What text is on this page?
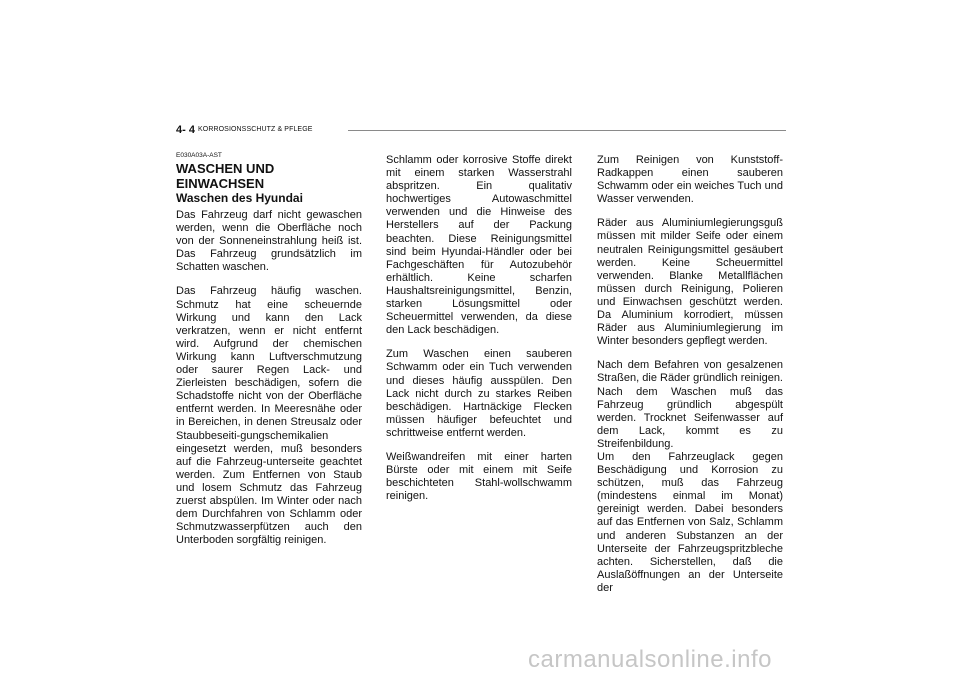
4- 4 KORROSIONSSCHUTZ & PFLEGE
E030A03A-AST
WASCHEN UND EINWACHSEN
Waschen des Hyundai

Das Fahrzeug darf nicht gewaschen werden, wenn die Oberfläche noch von der Sonneneinstrahlung heiß ist. Das Fahrzeug grundsätzlich im Schatten waschen.

Das Fahrzeug häufig waschen. Schmutz hat eine scheuernde Wirkung und kann den Lack verkratzen, wenn er nicht entfernt wird. Aufgrund der chemischen Wirkung kann Luftverschmutzung oder saurer Regen Lack- und Zierleisten beschädigen, sofern die Schadstoffe nicht von der Oberfläche entfernt werden. In Meeresnähe oder in Bereichen, in denen Streusalz oder Staubbeseiti-gungschemikalien eingesetzt werden, muß besonders auf die Fahrzeug-unterseite geachtet werden. Zum Entfernen von Staub und losem Schmutz das Fahrzeug zuerst abspülen. Im Winter oder nach dem Durchfahren von Schlamm oder Schmutzwasserpfützen auch den Unterboden sorgfältig reinigen.

Schlamm oder korrosive Stoffe direkt mit einem starken Wasserstrahl abspritzen. Ein qualitativ hochwertiges Autowaschmittel verwenden und die Hinweise des Herstellers auf der Packung beachten. Diese Reinigungsmittel sind beim Hyundai-Händler oder bei Fachgeschäften für Autozubehör erhältlich. Keine scharfen Haushaltsreinigungsmittel, Benzin, starken Lösungsmittel oder Scheuermittel verwenden, da diese den Lack beschädigen.

Zum Waschen einen sauberen Schwamm oder ein Tuch verwenden und dieses häufig ausspülen. Den Lack nicht durch zu starkes Reiben beschädigen. Hartnäckige Flecken müssen häufiger befeuchtet und schrittweise entfernt werden.

Weißwandreifen mit einer harten Bürste oder mit einem mit Seife beschichteten Stahl-wollschwamm reinigen.

Zum Reinigen von Kunststoff-Radkappen einen sauberen Schwamm oder ein weiches Tuch und Wasser verwenden.

Räder aus Aluminiumlegierungsguß müssen mit milder Seife oder einem neutralen Reinigungsmittel gesäubert werden. Keine Scheuermittel verwenden. Blanke Metallflächen müssen durch Reinigung, Polieren und Einwachsen geschützt werden. Da Aluminium korrodiert, müssen Räder aus Aluminiumlegierung im Winter besonders gepflegt werden.

Nach dem Befahren von gesalzenen Straßen, die Räder gründlich reinigen. Nach dem Waschen muß das Fahrzeug gründlich abgespült werden. Trocknet Seifenwasser auf dem Lack, kommt es zu Streifenbildung.

Um den Fahrzeuglack gegen Beschädigung und Korrosion zu schützen, muß das Fahrzeug (mindestens einmal im Monat) gereinigt werden. Dabei besonders auf das Entfernen von Salz, Schlamm und anderen Substanzen an der Unterseite der Fahrzeugspritzbleche achten. Sicherstellen, daß die Auslaßöffnungen an der Unterseite der

carmanualsonline.info
